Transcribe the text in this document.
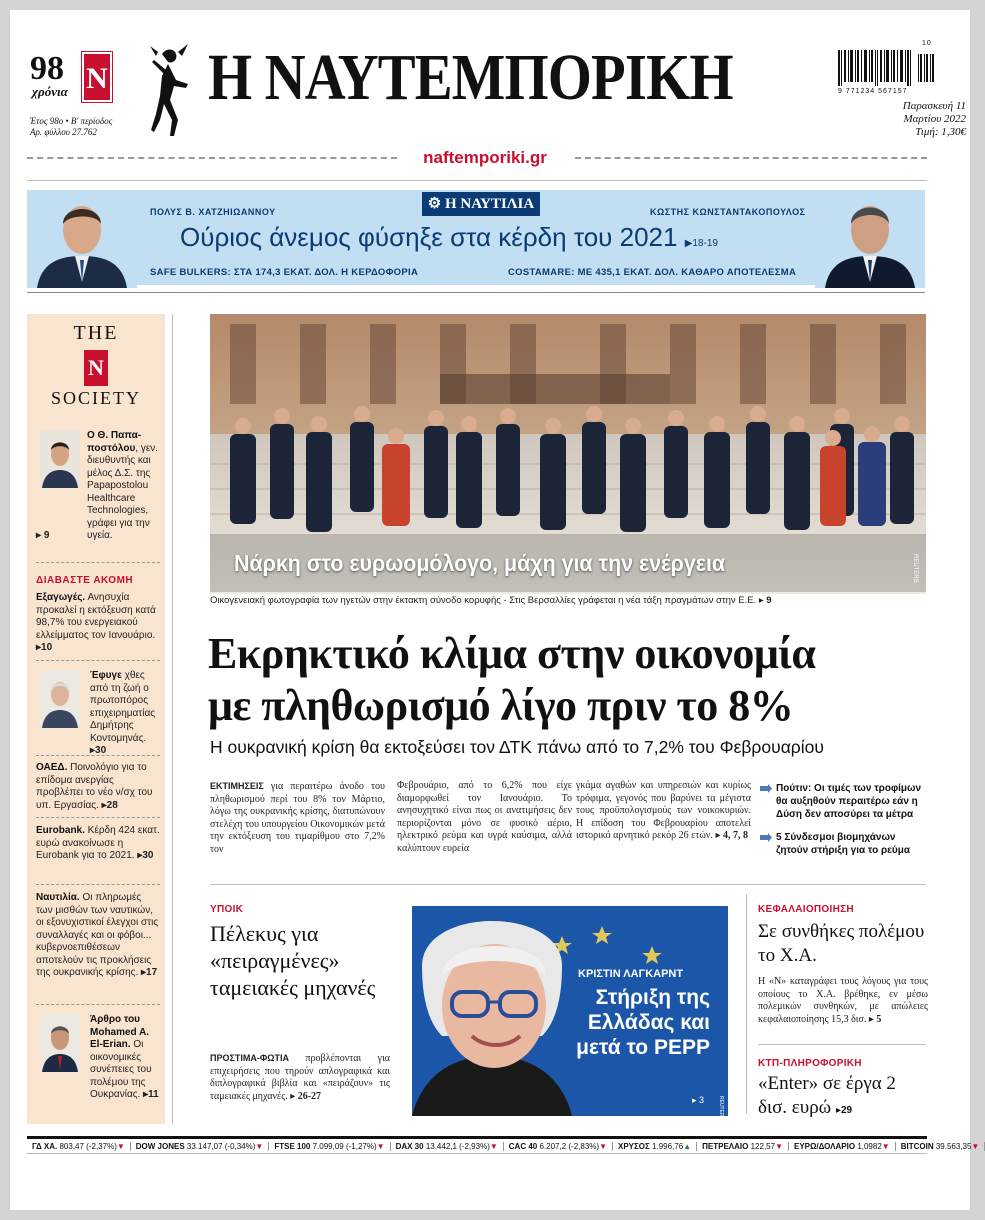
98
χρόνια N
Έτος 98o • Β' περίοδος
Αρ. φύλλου 27.762
Η ΝΑΥΤΕΜΠΟΡΙΚΗ
naftemporiki.gr
9 771234 567157
10
Παρασκευή 11
Μαρτίου 2022
Τιμή: 1,30€
⚙ Η ΝΑΥΤΙΛΙΑ
ΠΟΛΥΣ Β. ΧΑΤΖΗΙΩΑΝΝΟΥ	ΚΩΣΤΗΣ ΚΩΝΣΤΑΝΤΑΚΟΠΟΥΛΟΣ
Ούριος άνεμος φύσηξε στα κέρδη του 2021 ▶18-19
SAFE BULKERS: ΣΤΑ 174,3 ΕΚΑΤ. ΔΟΛ. Η ΚΕΡΔΟΦΟΡΙΑ	COSTAMARE: ΜΕ 435,1 ΕΚΑΤ. ΔΟΛ. ΚΑΘΑΡΟ ΑΠΟΤΕΛΕΣΜΑ
THE
N
SOCIETY
Ο Θ. Παπα-ποστόλου, γεν. διευθυντής και μέλος Δ.Σ. της Papapostolou Healthcare Technologies, γράφει για την υγεία.
▸ 9
ΔΙΑΒΑΣΤΕ ΑΚΟΜΗ
Εξαγωγές. Ανησυχία προκαλεί η εκτόξευση κατά 98,7% του ενεργειακού ελλείμματος τον Ιανουάριο. ▸10
Έφυγε χθες από τη ζωή ο πρωτοπόρος επιχειρηματίας Δημήτρης Κοντομηνάς. ▸30
ΟΑΕΔ. Ποινολόγιο για το επίδομα ανεργίας προβλέπει το νέο ν/σχ του υπ. Εργασίας. ▸28
Eurobank. Κέρδη 424 εκατ. ευρώ ανακοίνωσε η Eurobank για το 2021. ▸30
Ναυτιλία. Οι πληρωμές των μισθών των ναυτικών, οι εξονυχιστικοί έλεγχοι στις συναλλαγές και οι φόβοι... κυβερνοεπιθέσεων αποτελούν τις προκλήσεις της ουκρανικής κρίσης. ▸17
Άρθρο του Mohamed A. El-Erian. Οι οικονομικές συνέπειες του πολέμου της Ουκρανίας. ▸11
REUTERS
Νάρκη στο ευρωομόλογο, μάχη για την ενέργεια
Οικογενειακή φωτογραφία των ηγετών στην έκτακτη σύνοδο κορυφής - Στις Βερσαλλίες γράφεται η νέα τάξη πραγμάτων στην Ε.Ε. ▸ 9
Εκρηκτικό κλίμα στην οικονομία
με πληθωρισμό λίγο πριν το 8%
Η ουκρανική κρίση θα εκτοξεύσει τον ΔΤΚ πάνω από το 7,2% του Φεβρουαρίου
ΕΚΤΙΜΗΣΕΙΣ για περαιτέρω άνοδο του πληθωρισμού περί του 8% τον Μάρτιο, λόγω της ουκρανικής κρίσης, διατυπώνουν στελέχη του υπουργείου Οικονομικών μετά την εκτόξευση του τιμαρίθμου στο 7,2% τον
Φεβρουάριο, από το 6,2% που είχε διαμορφωθεί τον Ιανουάριο. Το ανησυχητικό είναι πως οι ανατιμήσεις δεν περιορίζονται μόνο σε φυσικό αέριο, ηλεκτρικό ρεύμα και υγρά καύσιμα, αλλά καλύπτουν ευρεία
γκάμα αγαθών και υπηρεσιών και κυρίως τρόφιμα, γεγονός που βαρύνει τα μέγιστα τους προϋπολογισμούς των νοικοκυριών. Η επίδοση του Φεβρουαρίου αποτελεί ιστορικό αρνητικό ρεκόρ 26 ετών. ▸ 4, 7, 8
Πούτιν: Οι τιμές των τροφίμων θα αυξηθούν περαιτέρω εάν η Δύση δεν αποσύρει τα μέτρα
5 Σύνδεσμοι βιομηχάνων ζητούν στήριξη για το ρεύμα
ΥΠΟΙΚ
Πέλεκυς για «πειραγμένες» ταμειακές μηχανές
ΠΡΟΣΤΙΜΑ-ΦΩΤΙΑ προβλέπονται για επιχειρήσεις που τηρούν απλογραφικά και διπλογραφικά βιβλία και «πειράζουν» τις ταμειακές μηχανές. ▸ 26-27	REUTERS
ΚΡΙΣΤΙΝ ΛΑΓΚΑΡΝΤ
Στήριξη της Ελλάδας και μετά το PEPP
▸ 3
ΚΕΦΑΛΑΙΟΠΟΙΗΣΗ
Σε συνθήκες πολέμου το Χ.Α.
Η «Ν» καταγράφει τους λόγους για τους οποίους το Χ.Α. βρέθηκε, εν μέσω πολεμικών συνθηκών, με απώλειες κεφαλαιοποίησης 15,3 δισ. ▸ 5
ΚΤΠ-ΠΛΗΡΟΦΟΡΙΚΗ
«Enter» σε έργα 2 δισ. ευρώ ▸29
ΓΔ ΧΑ. 803,47 (-2,37%)▼	DOW JONES 33.147,07 (-0,34%)▼	FTSE 100 7.099,09 (-1,27%)▼	DAX 30 13.442,1 (-2,93%)▼	CAC 40 6.207,2 (-2,83%)▼	ΧΡΥΣΟΣ 1.996,76▲	ΠΕΤΡΕΛΑΙΟ 122,57▼	ΕΥΡΩ/ΔΟΛΑΡΙΟ 1,0982▼	BITCOIN 39.563,35▼
